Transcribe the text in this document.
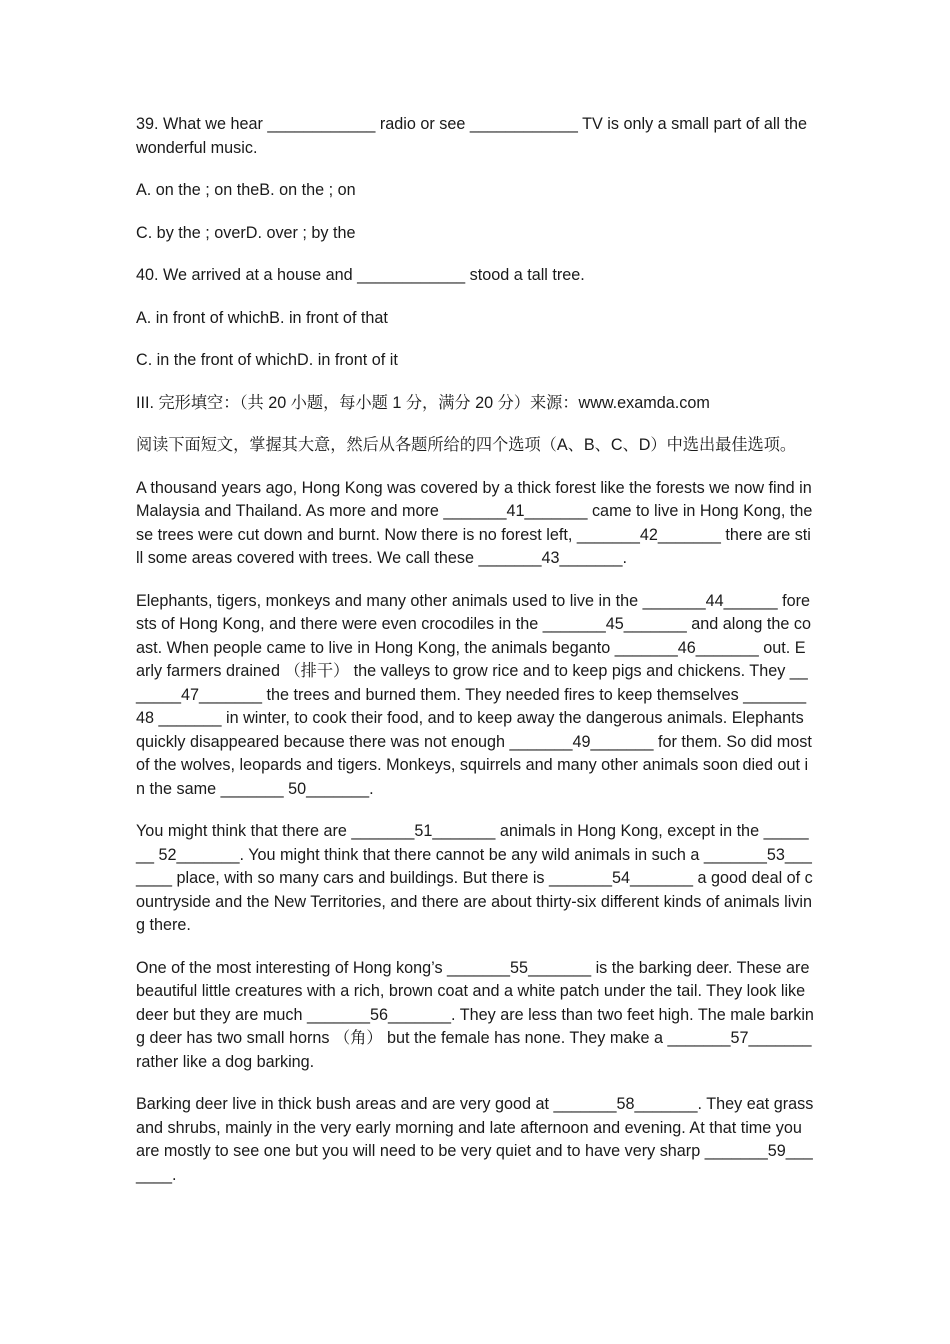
39. What we hear ____________ radio or see ____________ TV is only a small part of all the wonderful music.

A. on the ; on theB. on the ; on

C. by the ; overD. over ; by the

40. We arrived at a house and ____________ stood a tall tree.

A. in front of whichB. in front of that

C. in the front of whichD. in front of it

III. 完形填空：（共 20 小题，每小题 1 分，满分 20 分）来源：www.examda.com

阅读下面短文，掌握其大意，然后从各题所给的四个选项（A、B、C、D）中选出最佳选项。

A thousand years ago, Hong Kong was covered by a thick forest like the forests we now find in Malaysia and Thailand. As more and more _______41_______ came to live in Hong Kong, these trees were cut down and burnt. Now there is no forest left, _______42_______ there are still some areas covered with trees. We call these _______43_______.

Elephants, tigers, monkeys and many other animals used to live in the _______44______ forests of Hong Kong, and there were even crocodiles in the _______45_______ and along the coast. When people came to live in Hong Kong, the animals beganto _______46_______ out. Early farmers drained （排干） the valleys to grow rice and to keep pigs and chickens. They _______47_______ the trees and burned them. They needed fires to keep themselves _______48 _______ in winter, to cook their food, and to keep away the dangerous animals. Elephants quickly disappeared because there was not enough _______49_______ for them. So did most of the wolves, leopards and tigers. Monkeys, squirrels and many other animals soon died out in the same _______ 50_______.

You might think that there are _______51_______ animals in Hong Kong, except in the _______ 52_______. You might think that there cannot be any wild animals in such a _______53_______ place, with so many cars and buildings. But there is _______54_______ a good deal of countryside and the New Territories, and there are about thirty-six different kinds of animals living there.

One of the most interesting of Hong kong’s _______55_______ is the barking deer. These are beautiful little creatures with a rich, brown coat and a white patch under the tail. They look like deer but they are much _______56_______. They are less than two feet high. The male barking deer has two small horns （角） but the female has none. They make a _______57_______ rather like a dog barking.

Barking deer live in thick bush areas and are very good at _______58_______. They eat grass and shrubs, mainly in the very early morning and late afternoon and evening. At that time you are mostly to see one but you will need to be very quiet and to have very sharp _______59_______.
